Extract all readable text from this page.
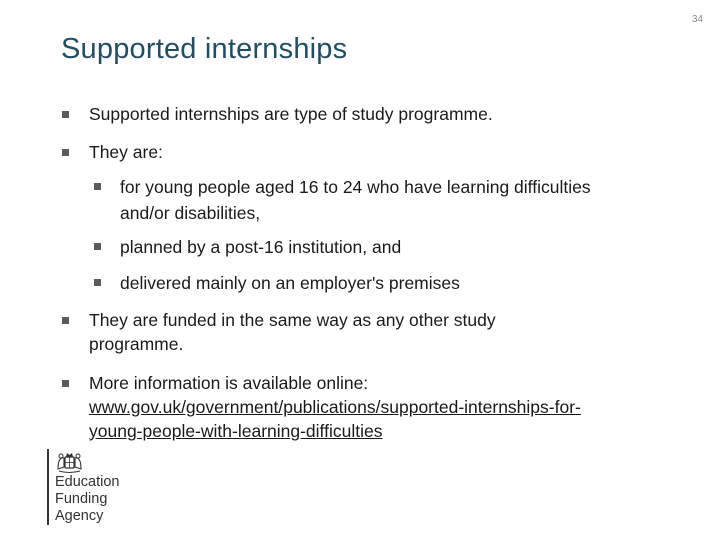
34
Supported internships
Supported internships are type of study programme.
They are:
for young people aged 16 to 24 who have learning difficulties
and/or disabilities,
planned by a post-16 institution, and
delivered mainly on an employer's premises
They are funded in the same way as any other study
programme.
More information is available online:
www.gov.uk/government/publications/supported-internships-for-
young-people-with-learning-difficulties
Education
Funding
Agency
